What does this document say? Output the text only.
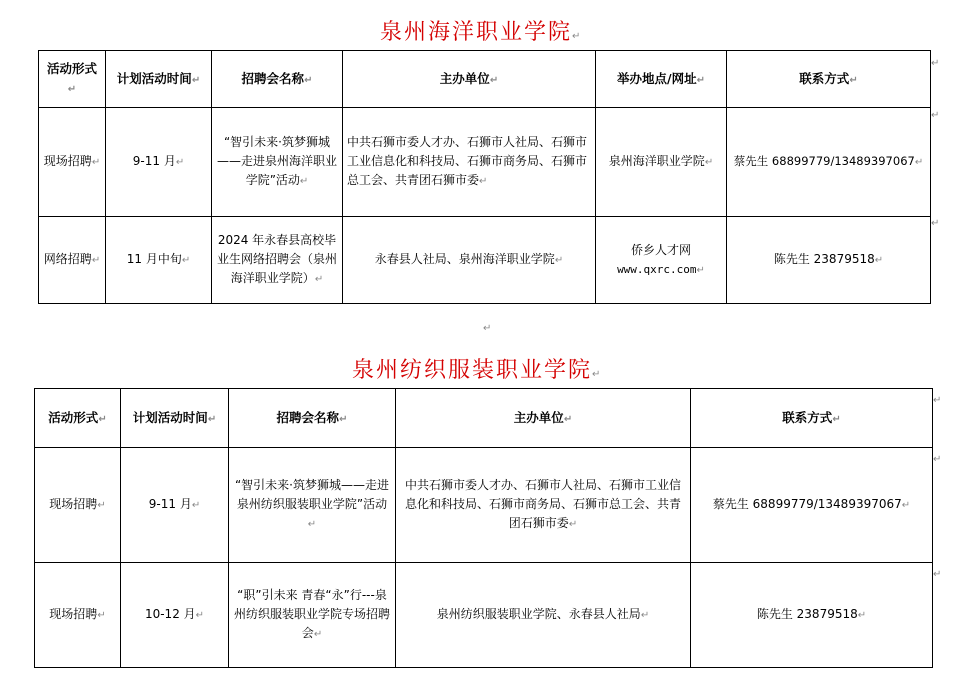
泉州海洋职业学院↵
活动形式↵	计划活动时间↵	招聘会名称↵	主办单位↵	举办地点/网址↵	联系方式↵
现场招聘↵	9-11 月↵	“智引未来·筑梦狮城——走进泉州海洋职业学院”活动↵	中共石狮市委人才办、石狮市人社局、石狮市工业信息化和科技局、石狮市商务局、石狮市总工会、共青团石狮市委↵	泉州海洋职业学院↵	蔡先生 68899779/13489397067↵
网络招聘↵	11 月中旬↵	2024 年永春县高校毕业生网络招聘会（泉州海洋职业学院）↵	永春县人社局、泉州海洋职业学院↵	侨乡人才网
www.qxrc.com↵	陈先生 23879518↵
↵
↵
↵
↵
泉州纺织服装职业学院↵
活动形式↵	计划活动时间↵	招聘会名称↵	主办单位↵	联系方式↵
现场招聘↵	9-11 月↵	“智引未来·筑梦狮城——走进泉州纺织服装职业学院”活动↵	中共石狮市委人才办、石狮市人社局、石狮市工业信息化和科技局、石狮市商务局、石狮市总工会、共青团石狮市委↵	蔡先生 68899779/13489397067↵
现场招聘↵	10-12 月↵	“职”引未来 青春“永”行---泉州纺织服装职业学院专场招聘会↵	泉州纺织服装职业学院、永春县人社局↵	陈先生 23879518↵
↵
↵
↵
